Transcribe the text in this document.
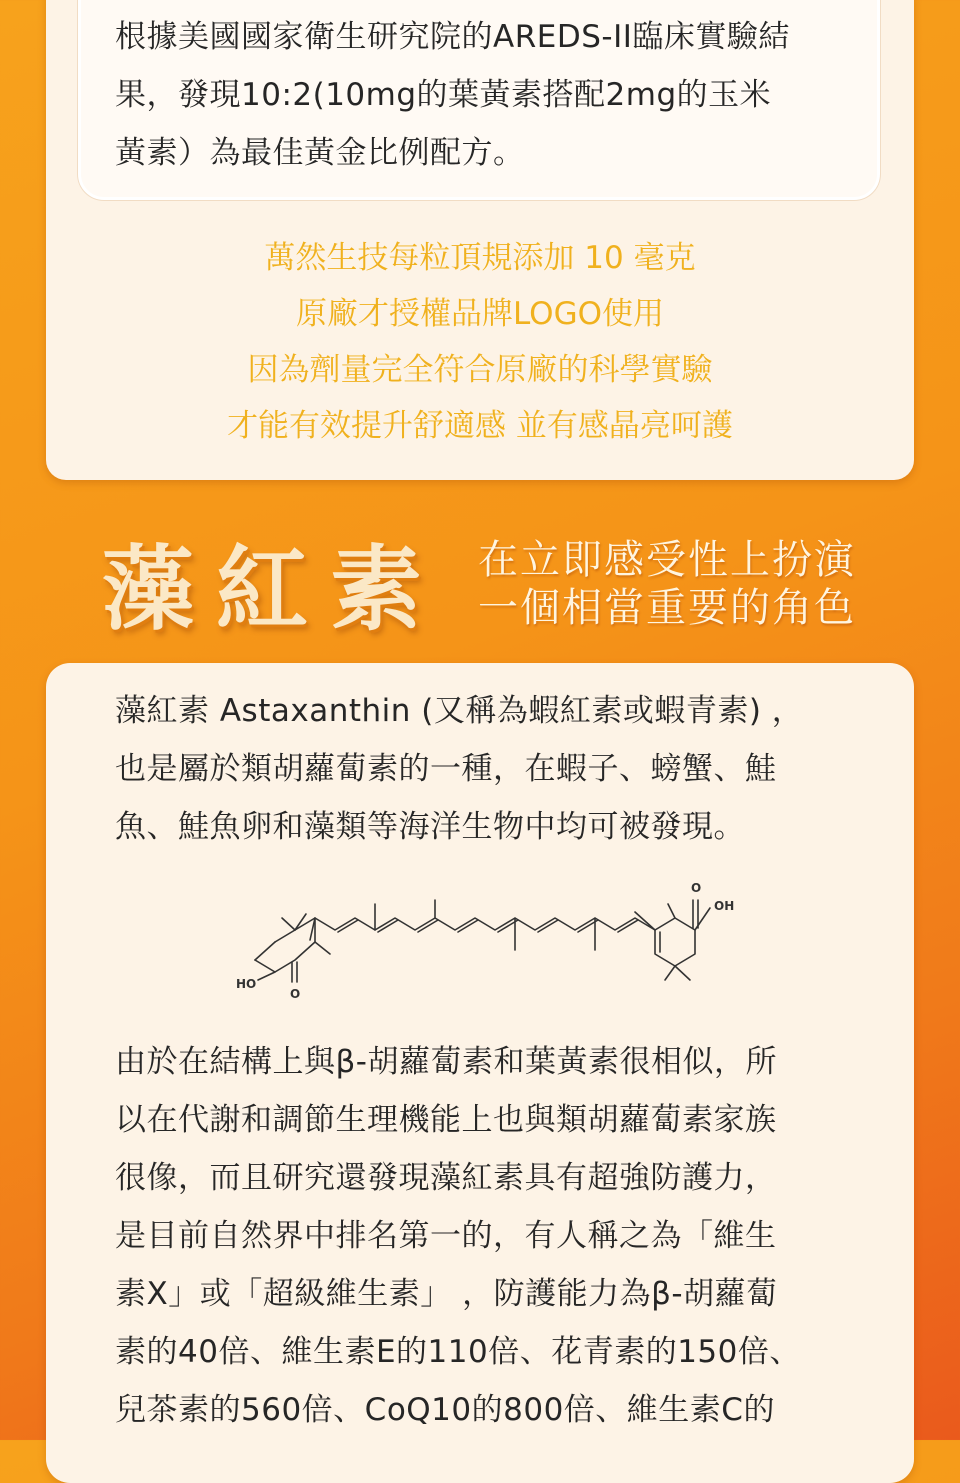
根據美國國家衛生研究院的AREDS-II臨床實驗結
果，發現10:2(10mg的葉黃素搭配2mg的玉米
黃素）為最佳黃金比例配方。

萬然生技每粒頂規添加 10 毫克
原廠才授權品牌LOGO使用
因為劑量完全符合原廠的科學實驗
才能有效提升舒適感 並有感晶亮呵護
藻紅素 在立即感受性上扮演
一個相當重要的角色

藻紅素 Astaxanthin (又稱為蝦紅素或蝦青素) ，
也是屬於類胡蘿蔔素的一種，在蝦子、螃蟹、鮭
魚、鮭魚卵和藻類等海洋生物中均可被發現。

HO
OH
O
O

由於在結構上與β-胡蘿蔔素和葉黃素很相似，所
以在代謝和調節生理機能上也與類胡蘿蔔素家族
很像，而且研究還發現藻紅素具有超強防護力，
是目前自然界中排名第一的，有人稱之為「維生
素X」或「超級維生素」 ，防護能力為β-胡蘿蔔
素的40倍、維生素E的110倍、花青素的150倍、
兒茶素的560倍、CoQ10的800倍、維生素C的
